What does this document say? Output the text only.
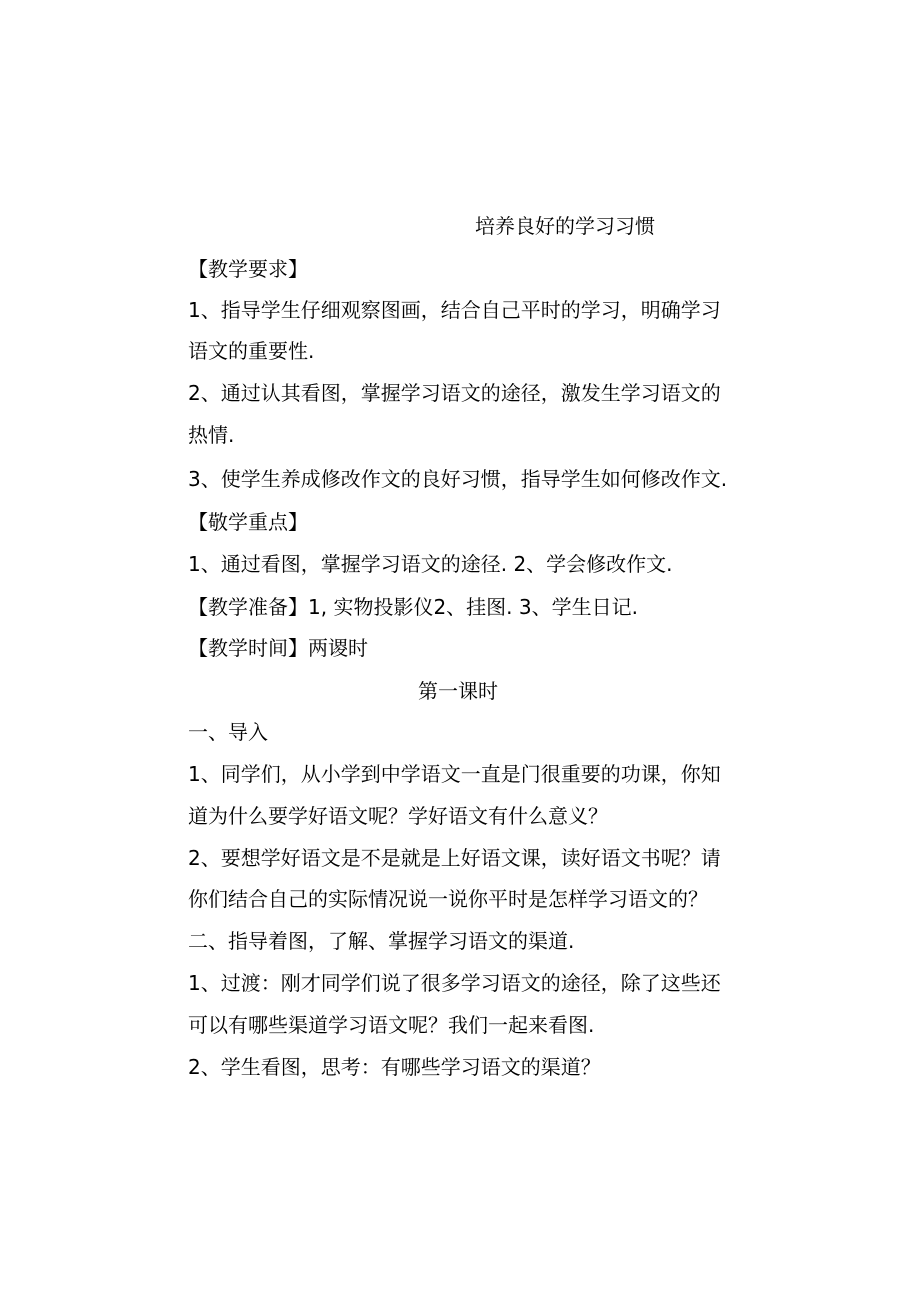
培养良好的学习习惯
【教学要求】
1、指导学生仔细观察图画，结合自己平时的学习，明确学习
语文的重要性.
2、通过认其看图，掌握学习语文的途径，激发生学习语文的
热情.
3、使学生养成修改作文的良好习惯，指导学生如何修改作文.
【敬学重点】
1、通过看图，掌握学习语文的途径. 2、学会修改作文.
【教学准备】1, 实物投影仪2、挂图. 3、学生日记.
【教学时间】两谡时
第一课时
一、导入
1、同学们，从小学到中学语文一直是门很重要的功课，你知
道为什么要学好语文呢？学好语文有什么意义？
2、要想学好语文是不是就是上好语文课，读好语文书呢？请
你们结合自己的实际情况说一说你平时是怎样学习语文的？
二、指导着图，了解、掌握学习语文的渠道.
1、过渡：刚才同学们说了很多学习语文的途径，除了这些还
可以有哪些渠道学习语文呢？我们一起来看图.
2、学生看图，思考：有哪些学习语文的渠道？
